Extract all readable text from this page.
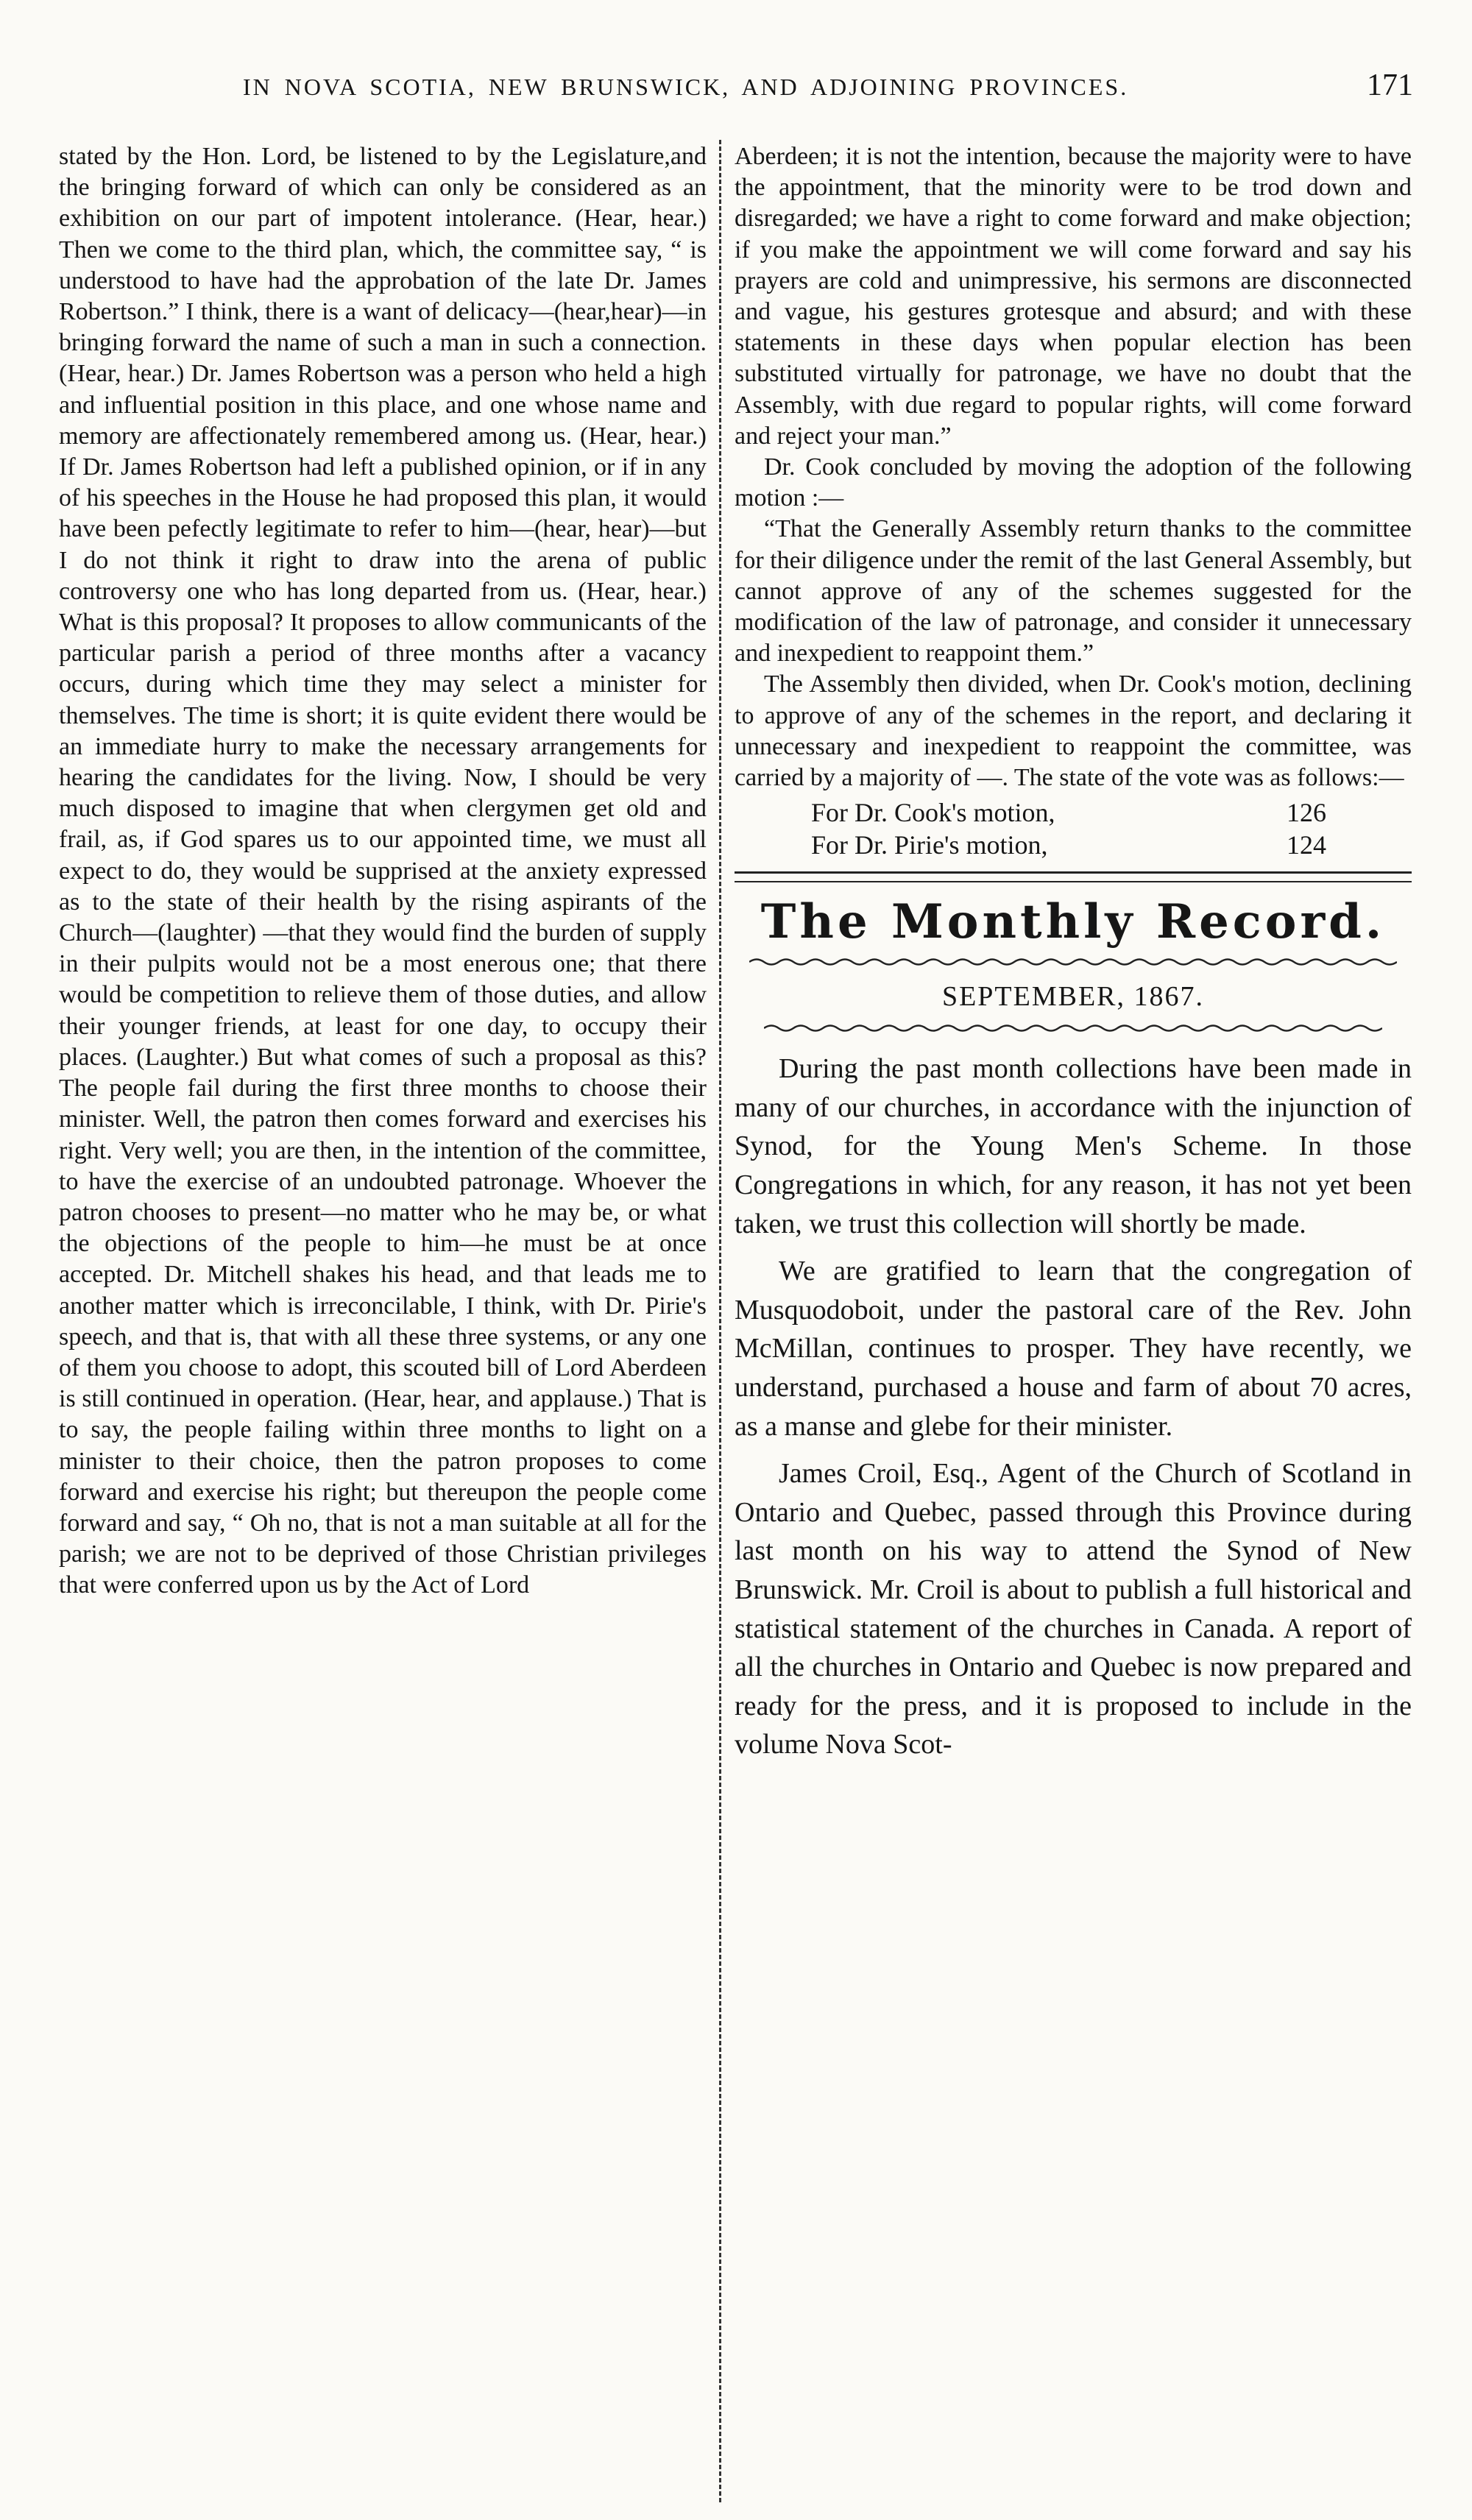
IN NOVA SCOTIA, NEW BRUNSWICK, AND ADJOINING PROVINCES.	171

stated by the Hon. Lord, be listened to by the Legislature,and the bringing forward of which can only be considered as an exhibition on our part of impotent intolerance. (Hear, hear.) Then we come to the third plan, which, the committee say, “ is understood to have had the approbation of the late Dr. James Robertson.” I think, there is a want of delicacy—(hear,hear)—in bringing forward the name of such a man in such a connection. (Hear, hear.) Dr. James Robertson was a person who held a high and influential position in this place, and one whose name and memory are affectionately remembered among us. (Hear, hear.) If Dr. James Robertson had left a published opinion, or if in any of his speeches in the House he had proposed this plan, it would have been pefectly legitimate to refer to him—(hear, hear)—but I do not think it right to draw into the arena of public controversy one who has long departed from us. (Hear, hear.) What is this proposal? It proposes to allow communicants of the particular parish a period of three months after a vacancy occurs, during which time they may select a minister for themselves. The time is short; it is quite evident there would be an immediate hurry to make the necessary arrangements for hearing the candidates for the living. Now, I should be very much disposed to imagine that when clergymen get old and frail, as, if God spares us to our appointed time, we must all expect to do, they would be supprised at the anxiety expressed as to the state of their health by the rising aspirants of the Church—(laughter) —that they would find the burden of supply in their pulpits would not be a most enerous one; that there would be competition to relieve them of those duties, and allow their younger friends, at least for one day, to occupy their places. (Laughter.) But what comes of such a proposal as this? The people fail during the first three months to choose their minister. Well, the patron then comes forward and exercises his right. Very well; you are then, in the intention of the committee, to have the exercise of an undoubted patronage. Whoever the patron chooses to present—no matter who he may be, or what the objections of the people to him—he must be at once accepted. Dr. Mitchell shakes his head, and that leads me to another matter which is irreconcilable, I think, with Dr. Pirie's speech, and that is, that with all these three systems, or any one of them you choose to adopt, this scouted bill of Lord Aberdeen is still continued in operation. (Hear, hear, and applause.) That is to say, the people failing within three months to light on a minister to their choice, then the patron proposes to come forward and exercise his right; but thereupon the people come forward and say, “ Oh no, that is not a man suitable at all for the parish; we are not to be deprived of those Christian privileges that were conferred upon us by the Act of Lord

Aberdeen; it is not the intention, because the majority were to have the appointment, that the minority were to be trod down and disregarded; we have a right to come forward and make objection; if you make the appointment we will come forward and say his prayers are cold and unimpressive, his sermons are disconnected and vague, his gestures grotesque and absurd; and with these statements in these days when popular election has been substituted virtually for patronage, we have no doubt that the Assembly, with due regard to popular rights, will come forward and reject your man.”

Dr. Cook concluded by moving the adoption of the following motion :—

“That the Generally Assembly return thanks to the committee for their diligence under the remit of the last General Assembly, but cannot approve of any of the schemes suggested for the modification of the law of patronage, and consider it unnecessary and inexpedient to reappoint them.”

The Assembly then divided, when Dr. Cook's motion, declining to approve of any of the schemes in the report, and declaring it unnecessary and inexpedient to reappoint the committee, was carried by a majority of —. The state of the vote was as follows:—

For Dr. Cook's motion,	126
For Dr. Pirie's motion,	124
The Monthly Record.
SEPTEMBER, 1867.

During the past month collections have been made in many of our churches, in accordance with the injunction of Synod, for the Young Men's Scheme. In those Congregations in which, for any reason, it has not yet been taken, we trust this collection will shortly be made.

We are gratified to learn that the congregation of Musquodoboit, under the pastoral care of the Rev. John McMillan, continues to prosper. They have recently, we understand, purchased a house and farm of about 70 acres, as a manse and glebe for their minister.

James Croil, Esq., Agent of the Church of Scotland in Ontario and Quebec, passed through this Province during last month on his way to attend the Synod of New Brunswick. Mr. Croil is about to publish a full historical and statistical statement of the churches in Canada. A report of all the churches in Ontario and Quebec is now prepared and ready for the press, and it is proposed to include in the volume Nova Scot-
